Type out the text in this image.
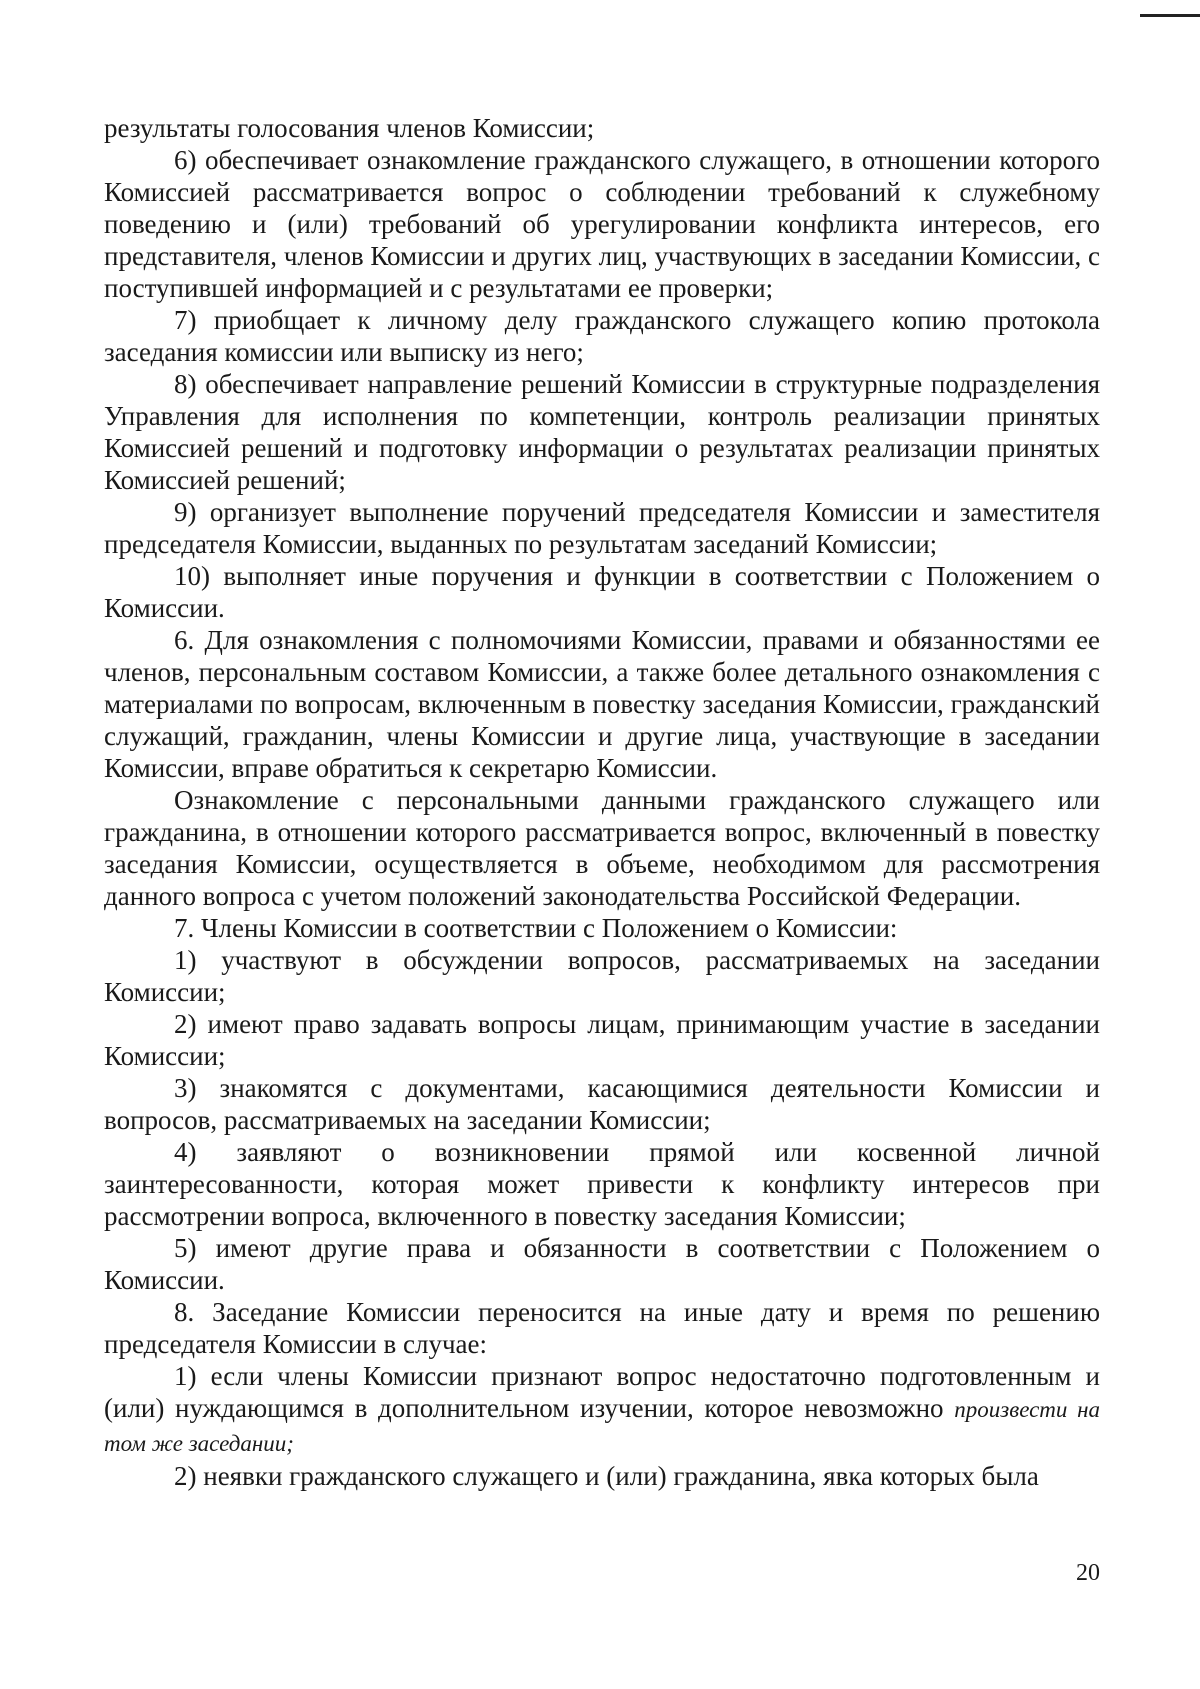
результаты голосования членов Комиссии;

6) обеспечивает ознакомление гражданского служащего, в отношении которого Комиссией рассматривается вопрос о соблюдении требований к служебному поведению и (или) требований об урегулировании конфликта интересов, его представителя, членов Комиссии и других лиц, участвующих в заседании Комиссии, с поступившей информацией и с результатами ее проверки;

7) приобщает к личному делу гражданского служащего копию протокола заседания комиссии или выписку из него;

8) обеспечивает направление решений Комиссии в структурные подразделения Управления для исполнения по компетенции, контроль реализации принятых Комиссией решений и подготовку информации о результатах реализации принятых Комиссией решений;

9) организует выполнение поручений председателя Комиссии и заместителя председателя Комиссии, выданных по результатам заседаний Комиссии;

10) выполняет иные поручения и функции в соответствии с Положением о Комиссии.

6. Для ознакомления с полномочиями Комиссии, правами и обязанностями ее членов, персональным составом Комиссии, а также более детального ознакомления с материалами по вопросам, включенным в повестку заседания Комиссии, гражданский служащий, гражданин, члены Комиссии и другие лица, участвующие в заседании Комиссии, вправе обратиться к секретарю Комиссии.

Ознакомление с персональными данными гражданского служащего или гражданина, в отношении которого рассматривается вопрос, включенный в повестку заседания Комиссии, осуществляется в объеме, необходимом для рассмотрения данного вопроса с учетом положений законодательства Российской Федерации.

7. Члены Комиссии в соответствии с Положением о Комиссии:

1) участвуют в обсуждении вопросов, рассматриваемых на заседании Комиссии;

2) имеют право задавать вопросы лицам, принимающим участие в заседании Комиссии;

3) знакомятся с документами, касающимися деятельности Комиссии и вопросов, рассматриваемых на заседании Комиссии;

4) заявляют о возникновении прямой или косвенной личной заинтересованности, которая может привести к конфликту интересов при рассмотрении вопроса, включенного в повестку заседания Комиссии;

5) имеют другие права и обязанности в соответствии с Положением о Комиссии.

8. Заседание Комиссии переносится на иные дату и время по решению председателя Комиссии в случае:

1) если члены Комиссии признают вопрос недостаточно подготовленным и (или) нуждающимся в дополнительном изучении, которое невозможно произвести на том же заседании;

2) неявки гражданского служащего и (или) гражданина, явка которых была

20
